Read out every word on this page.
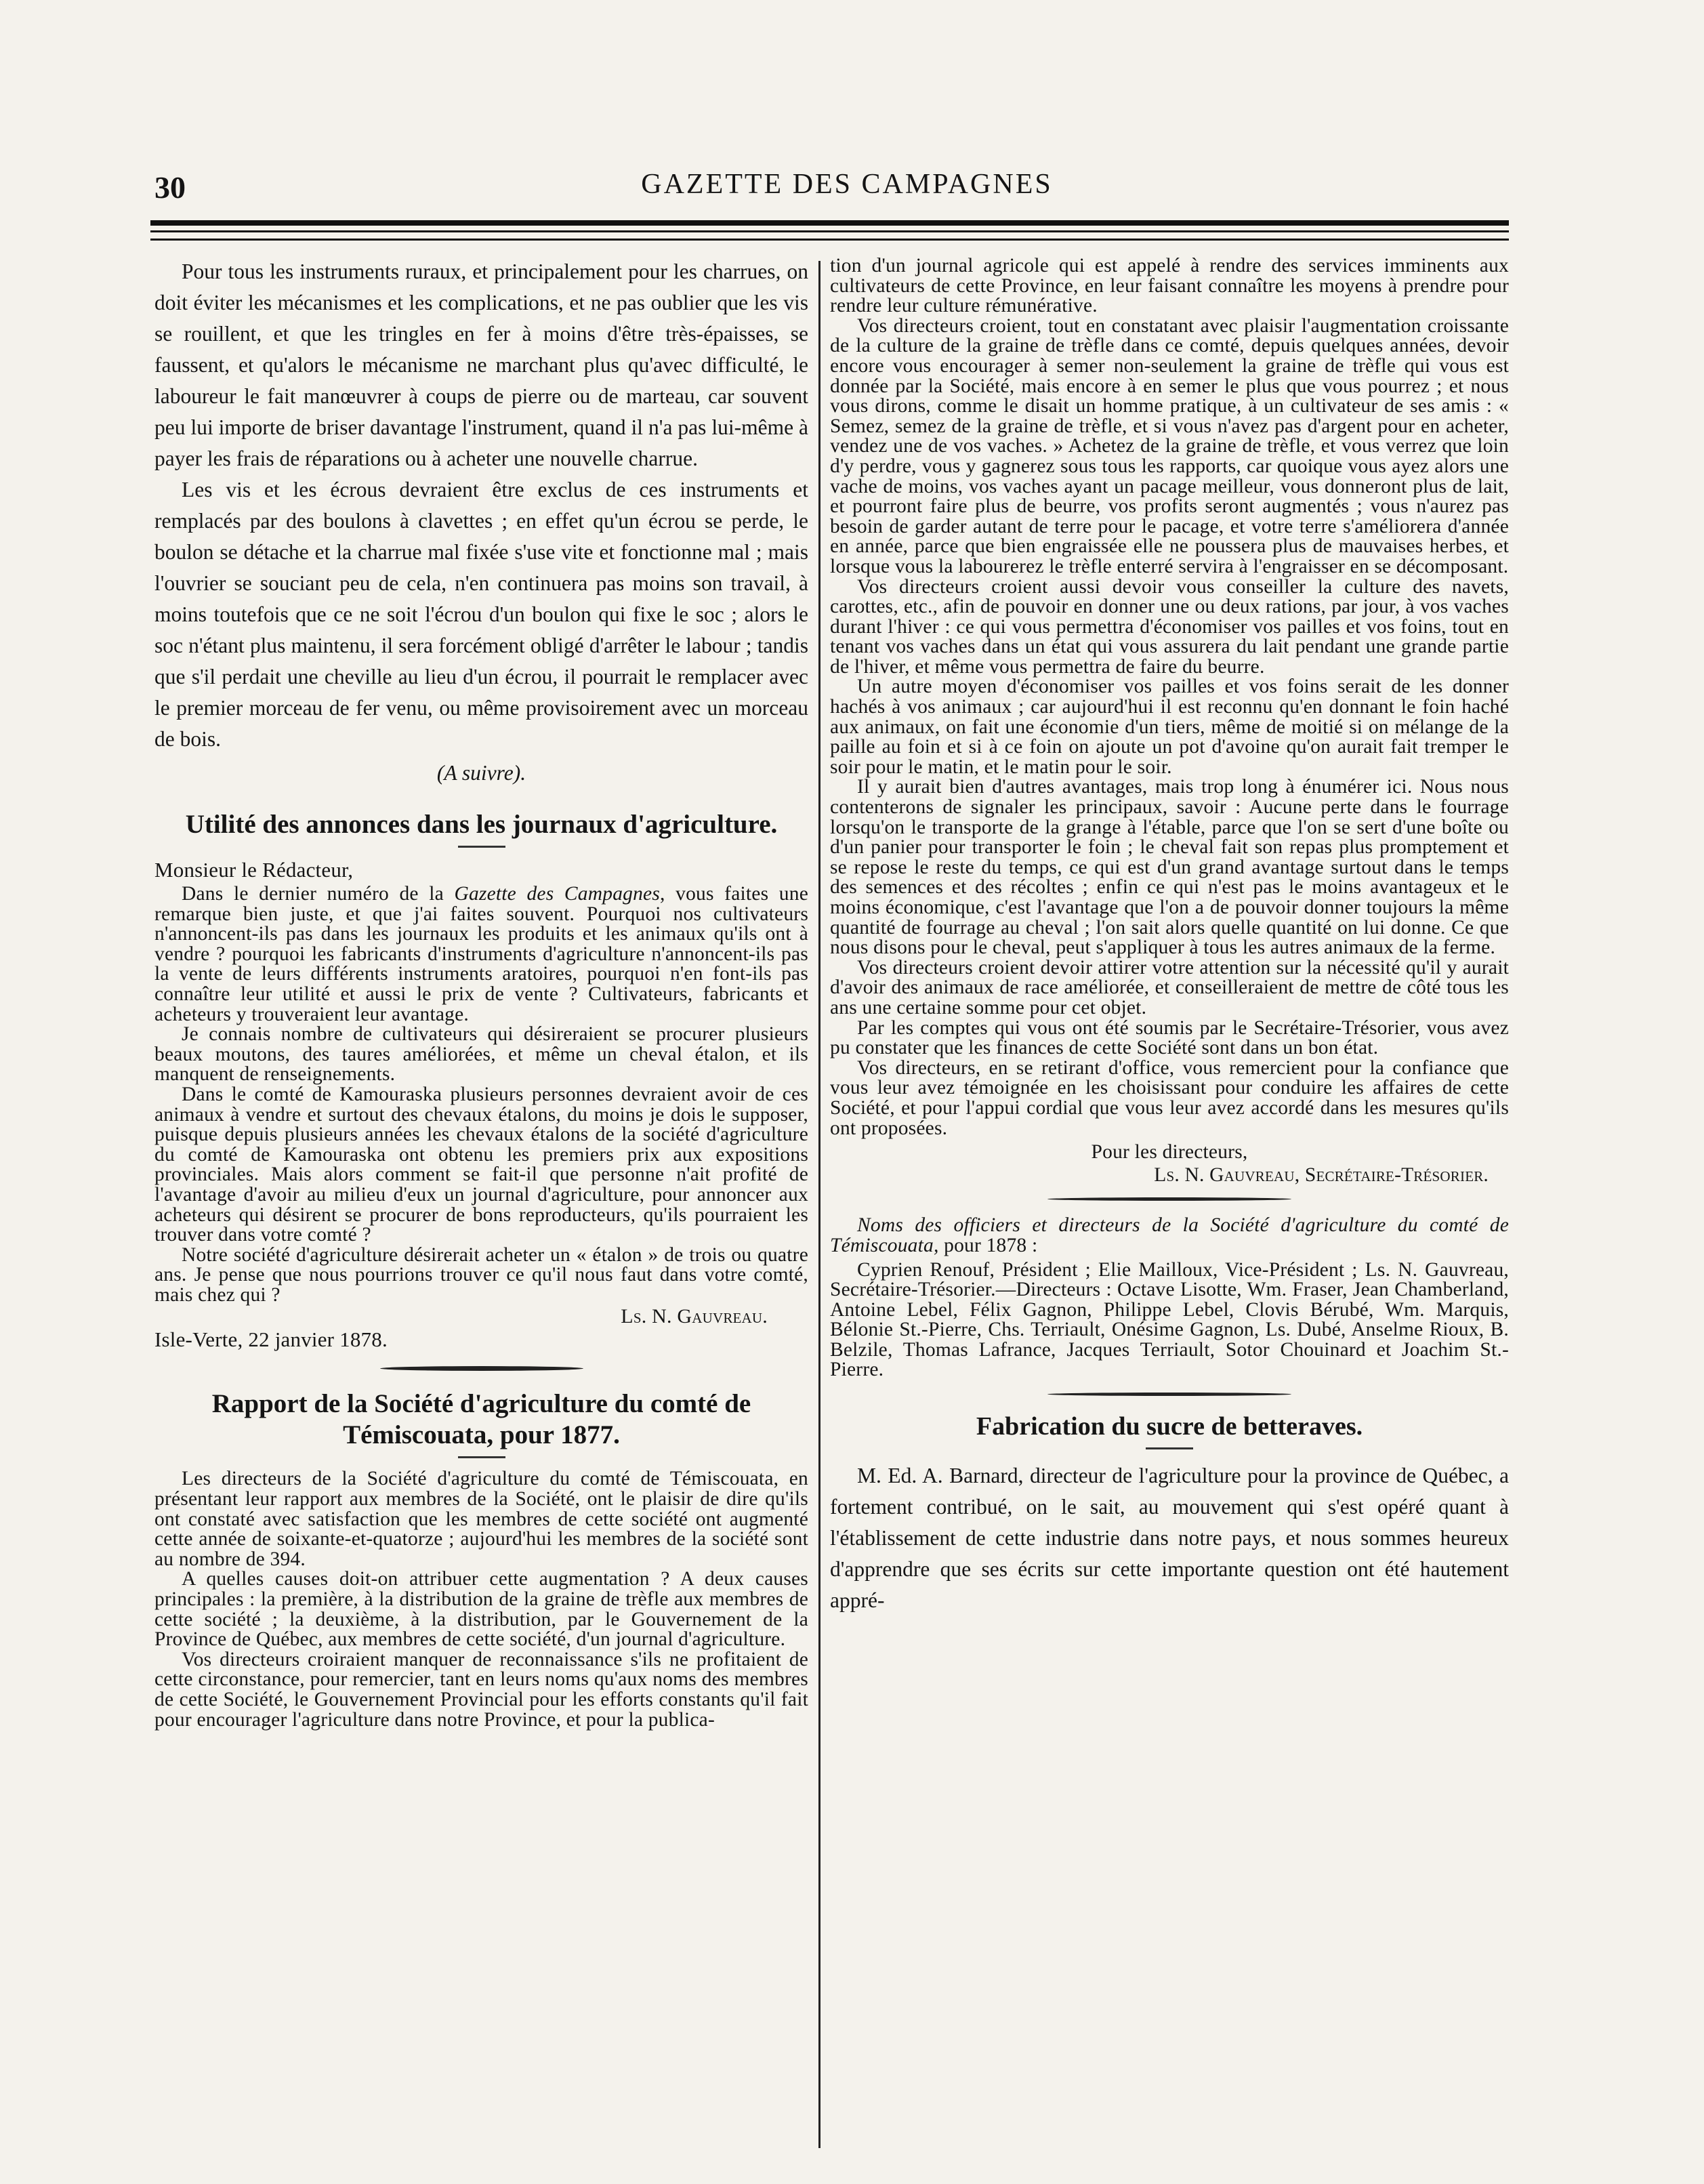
30	GAZETTE DES CAMPAGNES

Pour tous les instruments ruraux, et principalement pour les charrues, on doit éviter les mécanismes et les complications, et ne pas oublier que les vis se rouillent, et que les tringles en fer à moins d'être très-épaisses, se faussent, et qu'alors le mécanisme ne marchant plus qu'avec difficulté, le laboureur le fait manœuvrer à coups de pierre ou de marteau, car souvent peu lui importe de briser davantage l'instrument, quand il n'a pas lui-même à payer les frais de réparations ou à acheter une nouvelle charrue.

Les vis et les écrous devraient être exclus de ces instruments et remplacés par des boulons à clavettes ; en effet qu'un écrou se perde, le boulon se détache et la charrue mal fixée s'use vite et fonctionne mal ; mais l'ouvrier se souciant peu de cela, n'en continuera pas moins son travail, à moins toutefois que ce ne soit l'écrou d'un boulon qui fixe le soc ; alors le soc n'étant plus maintenu, il sera forcément obligé d'arrêter le labour ; tandis que s'il perdait une cheville au lieu d'un écrou, il pourrait le remplacer avec le premier morceau de fer venu, ou même provisoirement avec un morceau de bois.

(A suivre).

Utilité des annonces dans les journaux d'agriculture.

Monsieur le Rédacteur,

Dans le dernier numéro de la Gazette des Campagnes, vous faites une remarque bien juste, et que j'ai faites souvent. Pourquoi nos cultivateurs n'annoncent-ils pas dans les journaux les produits et les animaux qu'ils ont à vendre ? pourquoi les fabricants d'instruments d'agriculture n'annoncent-ils pas la vente de leurs différents instruments aratoires, pourquoi n'en font-ils pas connaître leur utilité et aussi le prix de vente ? Cultivateurs, fabricants et acheteurs y trouveraient leur avantage.

Je connais nombre de cultivateurs qui désireraient se procurer plusieurs beaux moutons, des taures améliorées, et même un cheval étalon, et ils manquent de renseignements.

Dans le comté de Kamouraska plusieurs personnes devraient avoir de ces animaux à vendre et surtout des chevaux étalons, du moins je dois le supposer, puisque depuis plusieurs années les chevaux étalons de la société d'agriculture du comté de Kamouraska ont obtenu les premiers prix aux expositions provinciales. Mais alors comment se fait-il que personne n'ait profité de l'avantage d'avoir au milieu d'eux un journal d'agriculture, pour annoncer aux acheteurs qui désirent se procurer de bons reproducteurs, qu'ils pourraient les trouver dans votre comté ?

Notre société d'agriculture désirerait acheter un « étalon » de trois ou quatre ans. Je pense que nous pourrions trouver ce qu'il nous faut dans votre comté, mais chez qui ?

Ls. N. Gauvreau.

Isle-Verte, 22 janvier 1878.

Rapport de la Société d'agriculture du comté de Témiscouata, pour 1877.

Les directeurs de la Société d'agriculture du comté de Témiscouata, en présentant leur rapport aux membres de la Société, ont le plaisir de dire qu'ils ont constaté avec satisfaction que les membres de cette société ont augmenté cette année de soixante-et-quatorze ; aujourd'hui les membres de la société sont au nombre de 394.

A quelles causes doit-on attribuer cette augmentation ? A deux causes principales : la première, à la distribution de la graine de trèfle aux membres de cette société ; la deuxième, à la distribution, par le Gouvernement de la Province de Québec, aux membres de cette société, d'un journal d'agriculture.

Vos directeurs croiraient manquer de reconnaissance s'ils ne profitaient de cette circonstance, pour remercier, tant en leurs noms qu'aux noms des membres de cette Société, le Gouvernement Provincial pour les efforts constants qu'il fait pour encourager l'agriculture dans notre Province, et pour la publica-

tion d'un journal agricole qui est appelé à rendre des services imminents aux cultivateurs de cette Province, en leur faisant connaître les moyens à prendre pour rendre leur culture rémunérative.

Vos directeurs croient, tout en constatant avec plaisir l'augmentation croissante de la culture de la graine de trèfle dans ce comté, depuis quelques années, devoir encore vous encourager à semer non-seulement la graine de trèfle qui vous est donnée par la Société, mais encore à en semer le plus que vous pourrez ; et nous vous dirons, comme le disait un homme pratique, à un cultivateur de ses amis : « Semez, semez de la graine de trèfle, et si vous n'avez pas d'argent pour en acheter, vendez une de vos vaches. » Achetez de la graine de trèfle, et vous verrez que loin d'y perdre, vous y gagnerez sous tous les rapports, car quoique vous ayez alors une vache de moins, vos vaches ayant un pacage meilleur, vous donneront plus de lait, et pourront faire plus de beurre, vos profits seront augmentés ; vous n'aurez pas besoin de garder autant de terre pour le pacage, et votre terre s'améliorera d'année en année, parce que bien engraissée elle ne poussera plus de mauvaises herbes, et lorsque vous la labourerez le trèfle enterré servira à l'engraisser en se décomposant.

Vos directeurs croient aussi devoir vous conseiller la culture des navets, carottes, etc., afin de pouvoir en donner une ou deux rations, par jour, à vos vaches durant l'hiver : ce qui vous permettra d'économiser vos pailles et vos foins, tout en tenant vos vaches dans un état qui vous assurera du lait pendant une grande partie de l'hiver, et même vous permettra de faire du beurre.

Un autre moyen d'économiser vos pailles et vos foins serait de les donner hachés à vos animaux ; car aujourd'hui il est reconnu qu'en donnant le foin haché aux animaux, on fait une économie d'un tiers, même de moitié si on mélange de la paille au foin et si à ce foin on ajoute un pot d'avoine qu'on aurait fait tremper le soir pour le matin, et le matin pour le soir.

Il y aurait bien d'autres avantages, mais trop long à énumérer ici. Nous nous contenterons de signaler les principaux, savoir : Aucune perte dans le fourrage lorsqu'on le transporte de la grange à l'étable, parce que l'on se sert d'une boîte ou d'un panier pour transporter le foin ; le cheval fait son repas plus promptement et se repose le reste du temps, ce qui est d'un grand avantage surtout dans le temps des semences et des récoltes ; enfin ce qui n'est pas le moins avantageux et le moins économique, c'est l'avantage que l'on a de pouvoir donner toujours la même quantité de fourrage au cheval ; l'on sait alors quelle quantité on lui donne. Ce que nous disons pour le cheval, peut s'appliquer à tous les autres animaux de la ferme.

Vos directeurs croient devoir attirer votre attention sur la nécessité qu'il y aurait d'avoir des animaux de race améliorée, et conseilleraient de mettre de côté tous les ans une certaine somme pour cet objet.

Par les comptes qui vous ont été soumis par le Secrétaire-Trésorier, vous avez pu constater que les finances de cette Société sont dans un bon état.

Vos directeurs, en se retirant d'office, vous remercient pour la confiance que vous leur avez témoignée en les choisissant pour conduire les affaires de cette Société, et pour l'appui cordial que vous leur avez accordé dans les mesures qu'ils ont proposées.

Pour les directeurs,

Ls. N. Gauvreau, Secrétaire-Trésorier.

Noms des officiers et directeurs de la Société d'agriculture du comté de Témiscouata, pour 1878 :

Cyprien Renouf, Président ; Elie Mailloux, Vice-Président ; Ls. N. Gauvreau, Secrétaire-Trésorier.—Directeurs : Octave Lisotte, Wm. Fraser, Jean Chamberland, Antoine Lebel, Félix Gagnon, Philippe Lebel, Clovis Bérubé, Wm. Marquis, Bélonie St.-Pierre, Chs. Terriault, Onésime Gagnon, Ls. Dubé, Anselme Rioux, B. Belzile, Thomas Lafrance, Jacques Terriault, Sotor Chouinard et Joachim St.-Pierre.

Fabrication du sucre de betteraves.

M. Ed. A. Barnard, directeur de l'agriculture pour la province de Québec, a fortement contribué, on le sait, au mouvement qui s'est opéré quant à l'établissement de cette industrie dans notre pays, et nous sommes heureux d'apprendre que ses écrits sur cette importante question ont été hautement appré-
